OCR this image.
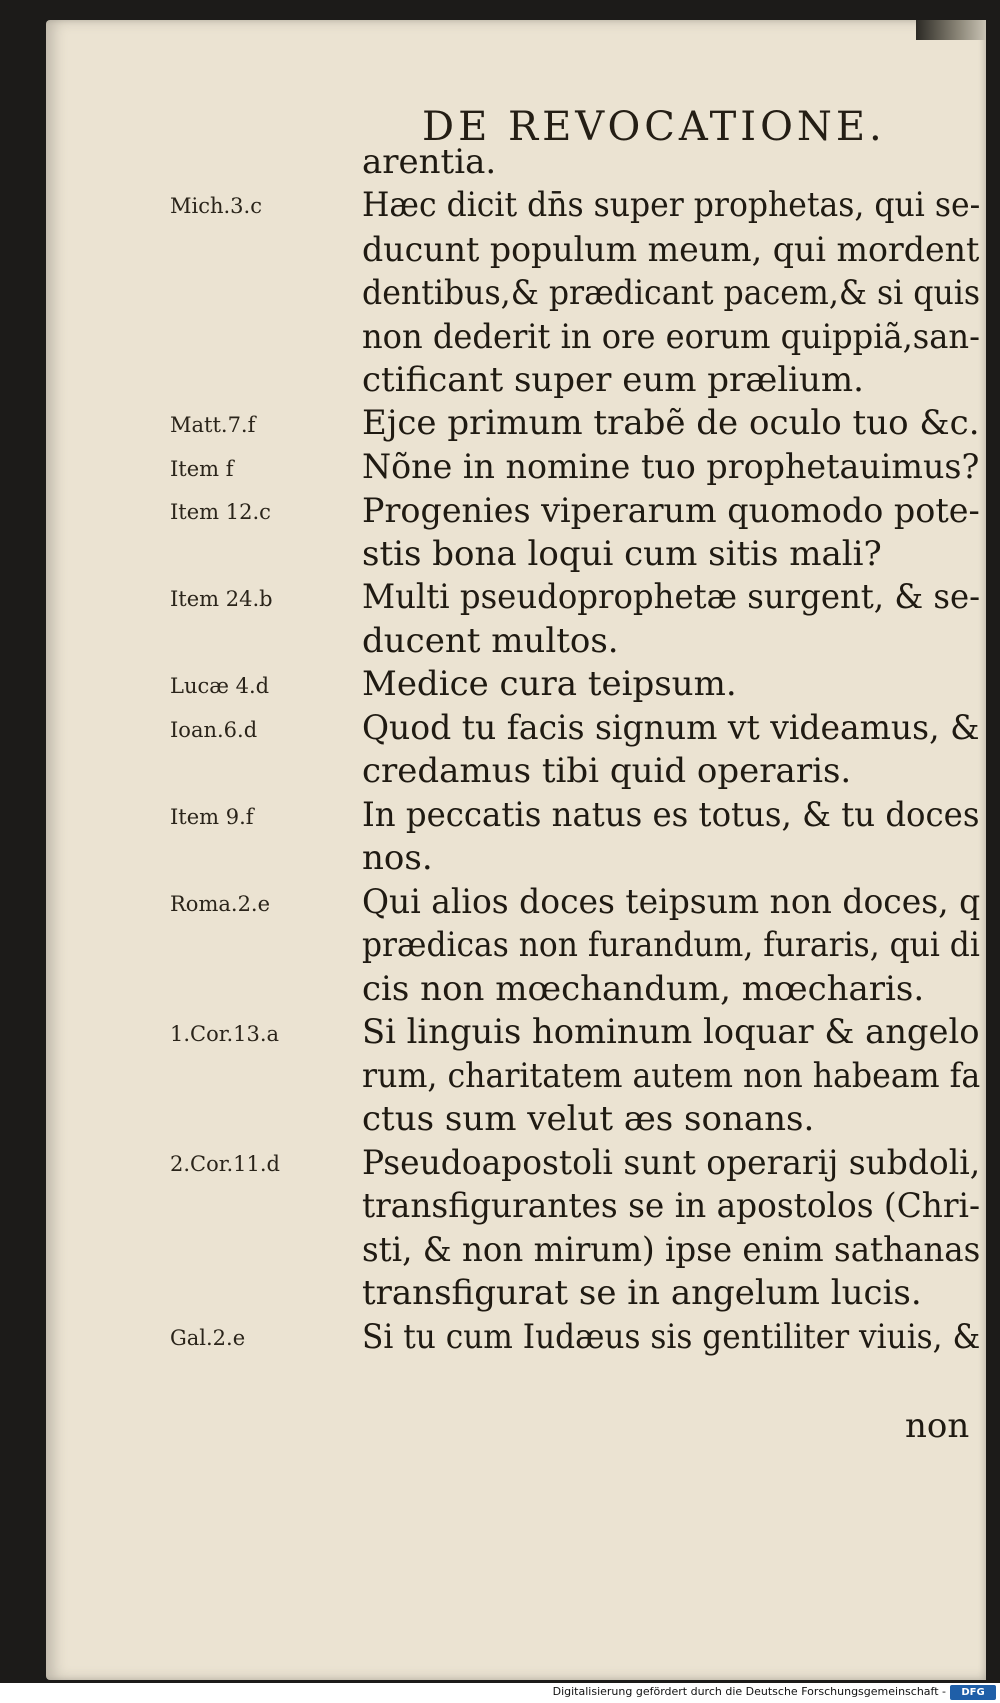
DE REVOCATIONE.
arentia.
Hæc dicit dn̄s super prophetas, qui se-
ducunt populum meum, qui mordent
dentibus,& prædicant pacem,& si quis
non dederit in ore eorum quippiã,san-
ctificant super eum prælium.
Ejce primum trabẽ de oculo tuo &c.
Nõne in nomine tuo prophetauimus?
Progenies viperarum quomodo pote-
stis bona loqui cum sitis mali?
Multi pseudoprophetæ surgent, & se-
ducent multos.
Medice cura teipsum.
Quod tu facis signum vt videamus, &
credamus tibi quid operaris.
In peccatis natus es totus, & tu doces
nos.
Qui alios doces teipsum non doces, q
prædicas non furandum, furaris, qui di
cis non mœchandum, mœcharis.
Si linguis hominum loquar & angelo
rum, charitatem autem non habeam fa
ctus sum velut æs sonans.
Pseudoapostoli sunt operarij subdoli,
transfigurantes se in apostolos (Chri-
sti, & non mirum) ipse enim sathanas
transfigurat se in angelum lucis.
Si tu cum Iudæus sis gentiliter viuis, &
Mich.3.c
Matt.7.f
Item f
Item 12.c
Item 24.b
Lucæ 4.d
Ioan.6.d
Item 9.f
Roma.2.e
1.Cor.13.a
2.Cor.11.d
Gal.2.e
non
Digitalisierung gefördert durch die Deutsche Forschungsgemeinschaft -	DFG
